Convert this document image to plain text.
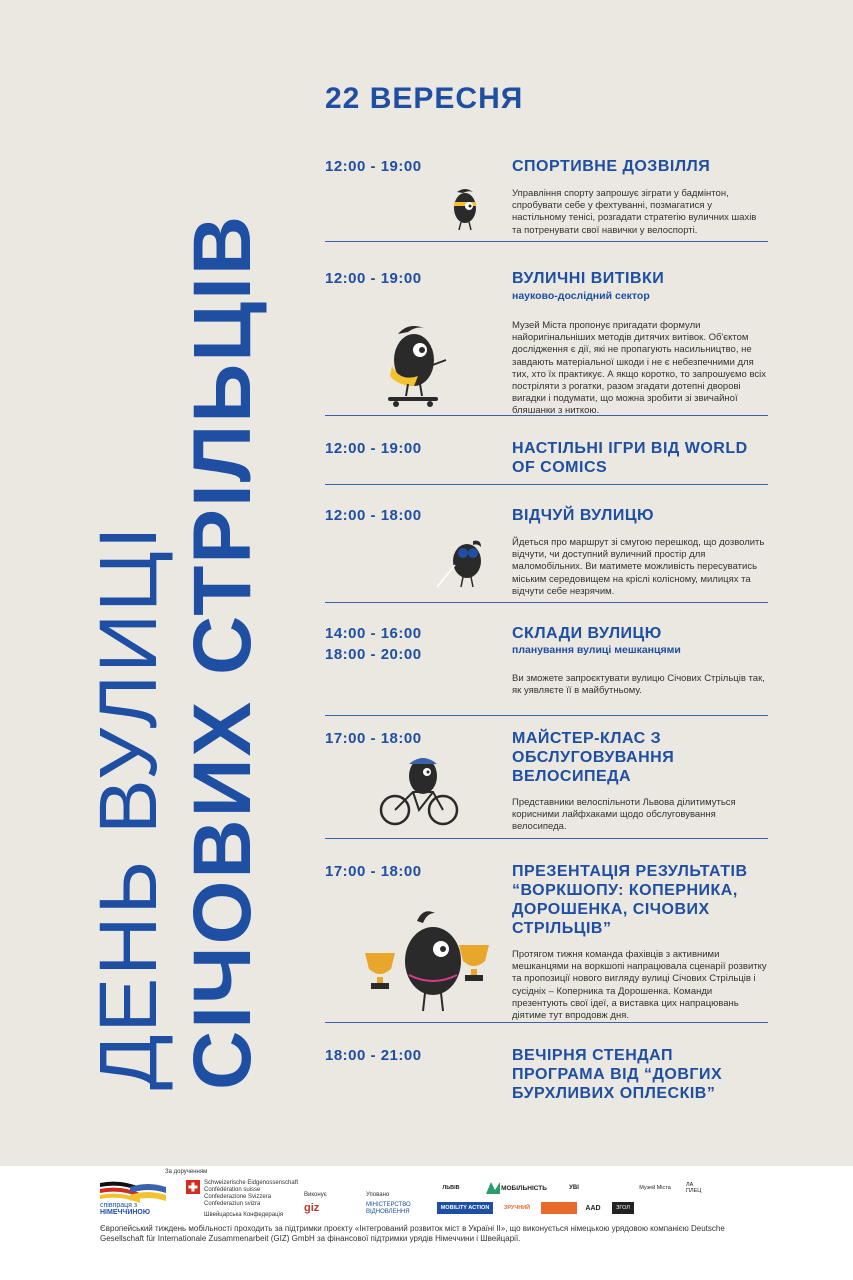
ДЕНЬ ВУЛИЦІ СІЧОВИХ СТРІЛЬЦІВ
22 ВЕРЕСНЯ
12:00 - 19:00	СПОРТИВНЕ ДОЗВІЛЛЯ
Управління спорту запрошує зіграти у бадмінтон, спробувати себе у фехтуванні, позмагатися у настільному тенісі, розгадати стратегію вуличних шахів та потренувати свої навички у велоспорті.
12:00 - 19:00	ВУЛИЧНІ ВИТІВКИ
науково-дослідний сектор
Музей Міста пропонує пригадати формули найоригінальніших методів дитячих витівок. Об'єктом дослідження є дії, які не пропагують насильництво, не завдають матеріальної шкоди і не є небезпечними для тих, хто їх практикує. А якщо коротко, то запрошуємо всіх постріляти з рогатки, разом згадати дотепні дворові вигадки і подумати, що можна зробити зі звичайної бляшанки з ниткою.
12:00 - 19:00	НАСТІЛЬНІ ІГРИ ВІД WORLD OF COMICS
12:00 - 18:00	ВІДЧУЙ ВУЛИЦЮ
Йдеться про маршрут зі смугою перешкод, що дозволить відчути, чи доступний вуличний простір для маломобільних. Ви матимете можливість пересуватись міським середовищем на кріслі колісному, милицях та відчути себе незрячим.
14:00 - 16:00
18:00 - 20:00
СКЛАДИ ВУЛИЦЮ
планування вулиці мешканцями
Ви зможете запроєктувати вулицю Січових Стрільців так, як уявляєте її в майбутньому.
17:00 - 18:00	МАЙСТЕР-КЛАС З ОБСЛУГОВУВАННЯ ВЕЛОСИПЕДА
Представники велоспільноти Львова ділитимуться корисними лайфхаками щодо обслуговування велосипеда.
17:00 - 18:00	ПРЕЗЕНТАЦІЯ РЕЗУЛЬТАТІВ “ВОРКШОПУ: КОПЕРНИКА, ДОРОШЕНКА, СІЧОВИХ СТРІЛЬЦІВ”
Протягом тижня команда фахівців з активними мешканцями на воркшопі напрацювала сценарії розвитку та пропозиції нового вигляду вулиці Січових Стрільців і сусідніх – Коперника та Дорошенка. Команди презентують свої ідеї, а виставка цих напрацювань діятиме тут впродовж дня.
18:00 - 21:00	ВЕЧІРНЯ СТЕНДАП ПРОГРАМА ВІД “ДОВГИХ БУРХЛИВИХ ОПЛЕСКІВ”
За дорученням
співпраця з
НІМЕЧЧИНОЮ
Schweizerische Eidgenossenschaft
Confédération suisse
Confederazione Svizzera
Confederaziun svizra
Швейцарська Конфедерація
Виконує
giz
Уповано
МІНІСТЕРСТВО
ВІДНОВЛЕННЯ
ЛЬВІВ	МОБІЛЬНІСТЬ	УВІ	Музей Міста	ЛА ПЛЕЦ
MOBILITY ACTION	ЗРУЧНИЙ	AAD	ЗГОЛ
Європейський тиждень мобільності проходить за підтримки проєкту «Інтегрований розвиток міст в Україні ІІ», що виконується німецькою урядовою компанією Deutsche Gesellschaft für Internationale Zusammenarbeit (GIZ) GmbH за фінансової підтримки урядів Німеччини і Швейцарії.
